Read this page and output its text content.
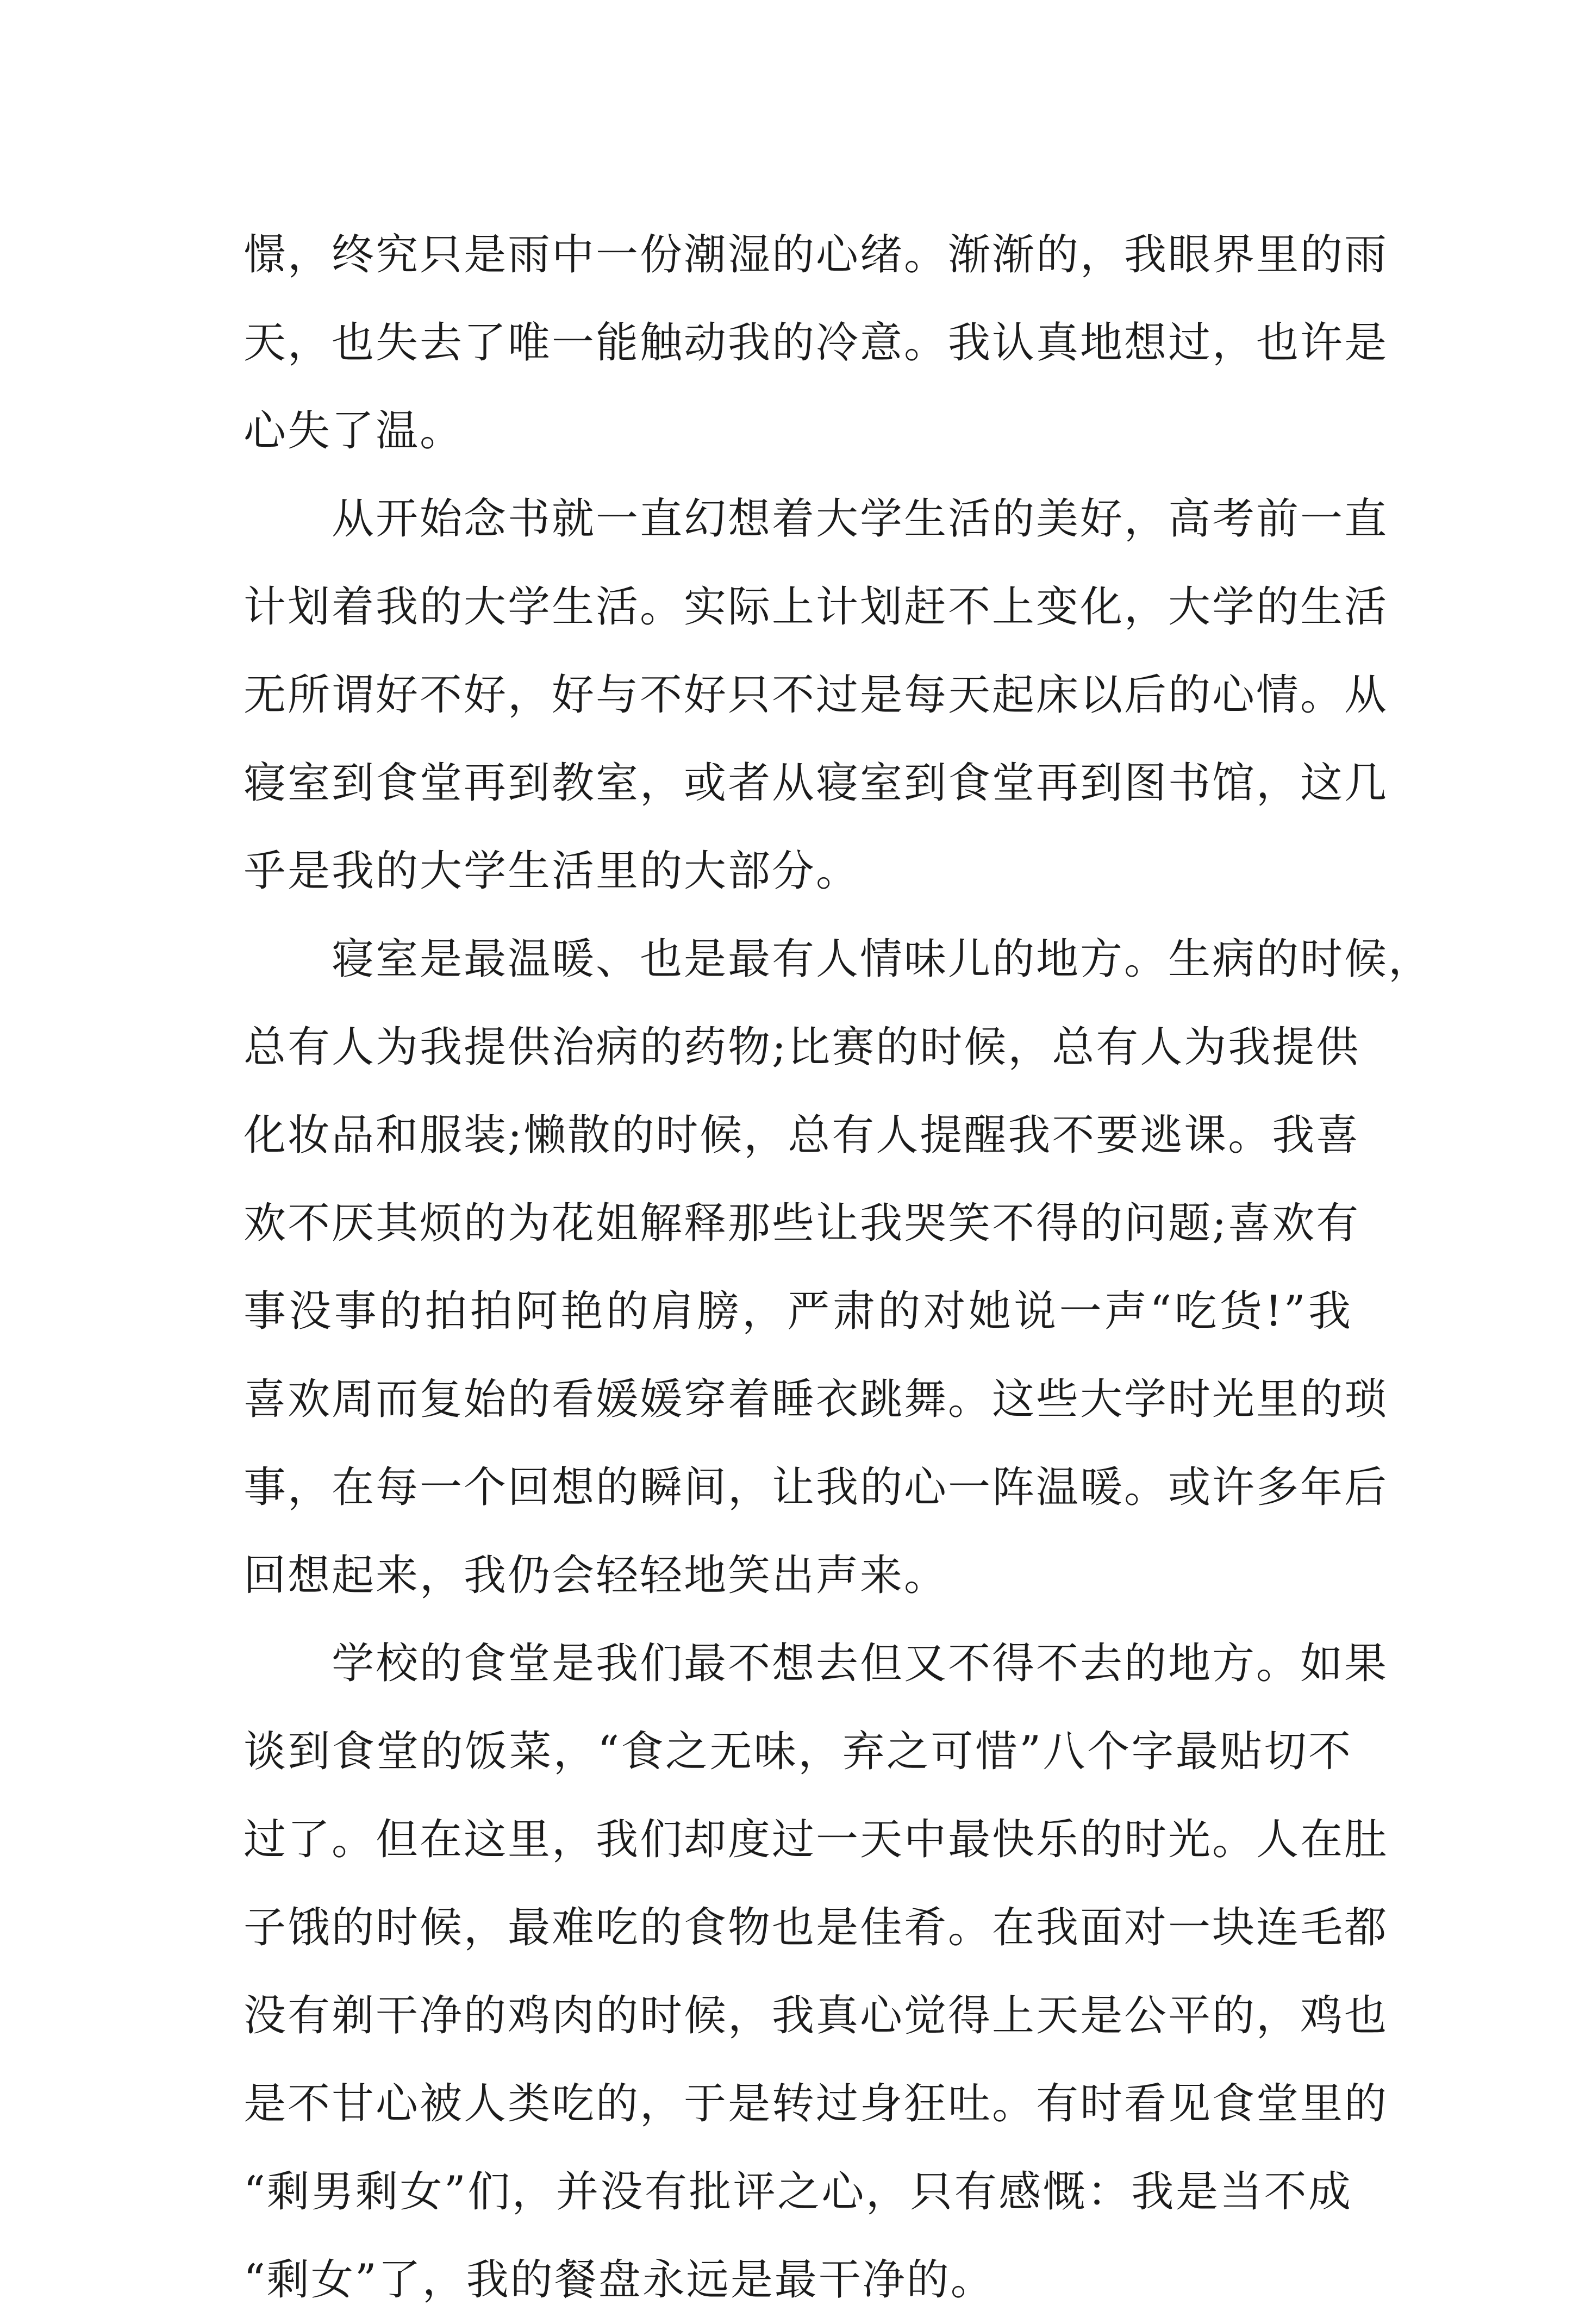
憬，终究只是雨中一份潮湿的心绪。渐渐的，我眼界里的雨
天，也失去了唯一能触动我的冷意。我认真地想过，也许是
心失了温。
从开始念书就一直幻想着大学生活的美好，高考前一直
计划着我的大学生活。实际上计划赶不上变化，大学的生活
无所谓好不好，好与不好只不过是每天起床以后的心情。从
寝室到食堂再到教室，或者从寝室到食堂再到图书馆，这几
乎是我的大学生活里的大部分。
寝室是最温暖、也是最有人情味儿的地方。生病的时候，
总有人为我提供治病的药物;比赛的时候，总有人为我提供
化妆品和服装;懒散的时候，总有人提醒我不要逃课。我喜
欢不厌其烦的为花姐解释那些让我哭笑不得的问题;喜欢有
事没事的拍拍阿艳的肩膀，严肃的对她说一声“吃货!”我
喜欢周而复始的看媛媛穿着睡衣跳舞。这些大学时光里的琐
事，在每一个回想的瞬间，让我的心一阵温暖。或许多年后
回想起来，我仍会轻轻地笑出声来。
学校的食堂是我们最不想去但又不得不去的地方。如果
谈到食堂的饭菜，“食之无味，弃之可惜”八个字最贴切不
过了。但在这里，我们却度过一天中最快乐的时光。人在肚
子饿的时候，最难吃的食物也是佳肴。在我面对一块连毛都
没有剃干净的鸡肉的时候，我真心觉得上天是公平的，鸡也
是不甘心被人类吃的，于是转过身狂吐。有时看见食堂里的
“剩男剩女”们，并没有批评之心，只有感慨：我是当不成
“剩女”了，我的餐盘永远是最干净的。
